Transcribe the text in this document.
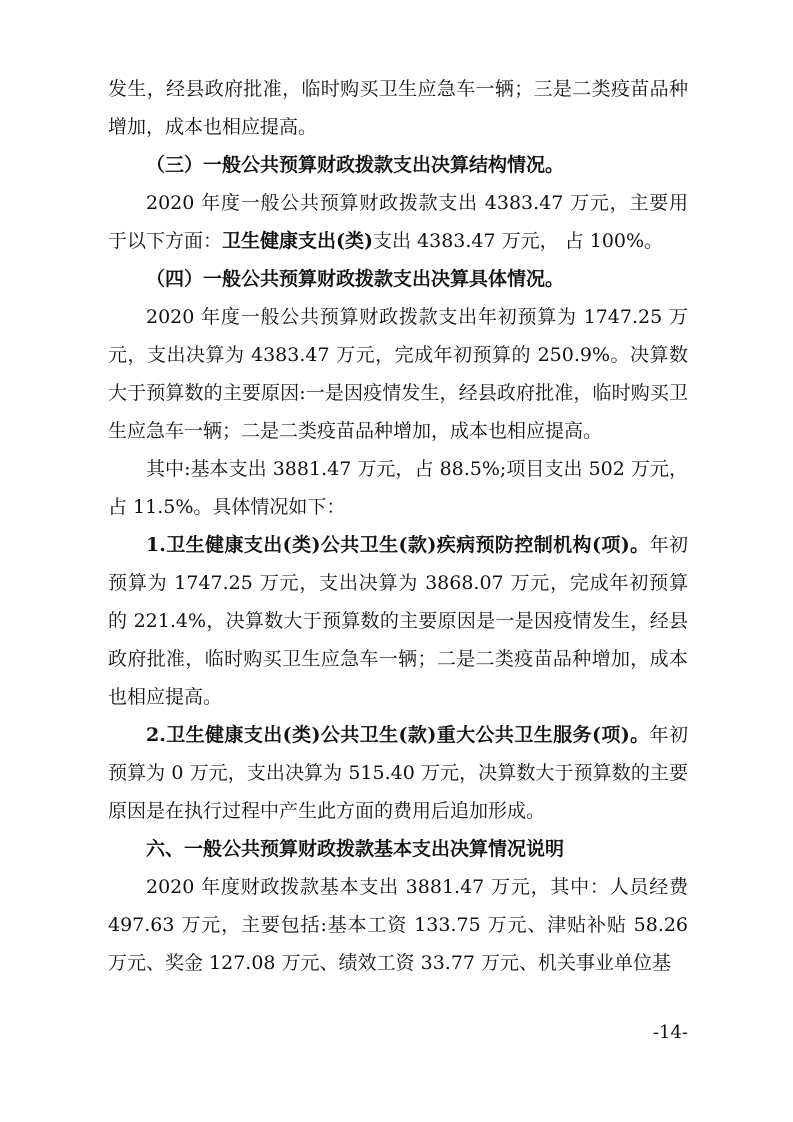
发生，经县政府批准，临时购买卫生应急车一辆；三是二类疫苗品种增加，成本也相应提高。

（三）一般公共预算财政拨款支出决算结构情况。

2020 年度一般公共预算财政拨款支出 4383.47 万元，主要用于以下方面：卫生健康支出(类)支出 4383.47 万元， 占 100%。

（四）一般公共预算财政拨款支出决算具体情况。

2020 年度一般公共预算财政拨款支出年初预算为 1747.25 万元，支出决算为 4383.47 万元，完成年初预算的 250.9%。决算数大于预算数的主要原因:一是因疫情发生，经县政府批准，临时购买卫生应急车一辆；二是二类疫苗品种增加，成本也相应提高。

其中:基本支出 3881.47 万元，占 88.5%;项目支出 502 万元，占 11.5%。具体情况如下：

1.卫生健康支出(类)公共卫生(款)疾病预防控制机构(项)。年初预算为 1747.25 万元，支出决算为 3868.07 万元，完成年初预算的 221.4%，决算数大于预算数的主要原因是一是因疫情发生，经县政府批准，临时购买卫生应急车一辆；二是二类疫苗品种增加，成本也相应提高。

2.卫生健康支出(类)公共卫生(款)重大公共卫生服务(项)。年初预算为 0 万元，支出决算为 515.40 万元，决算数大于预算数的主要原因是在执行过程中产生此方面的费用后追加形成。

六、一般公共预算财政拨款基本支出决算情况说明

2020 年度财政拨款基本支出 3881.47 万元，其中：人员经费 497.63 万元，主要包括:基本工资 133.75 万元、津贴补贴 58.26 万元、奖金 127.08 万元、绩效工资 33.77 万元、机关事业单位基

-14-
